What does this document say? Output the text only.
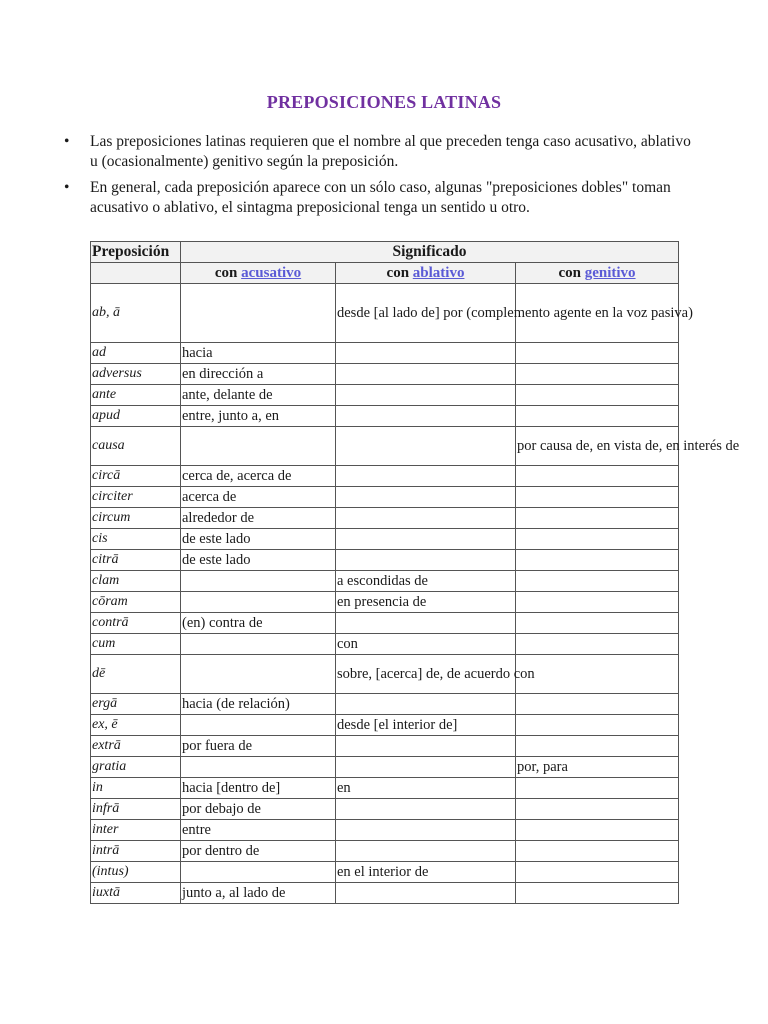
PREPOSICIONES LATINAS
• Las preposiciones latinas requieren que el nombre al que preceden tenga caso acusativo, ablativo u (ocasionalmente) genitivo según la preposición.
• En general, cada preposición aparece con un sólo caso, algunas "preposiciones dobles" toman acusativo o ablativo, el sintagma preposicional tenga un sentido u otro.
Preposición	Significado		
	con acusativo	con ablativo	con genitivo
ab, ā		desde [al lado de] por (complemento agente en la voz pasiva)	
ad	hacia		
adversus	en dirección a		
ante	ante, delante de		
apud	entre, junto a, en		
causa			por causa de, en vista de, en interés de
circā	cerca de, acerca de		
circiter	acerca de		
circum	alrededor de		
cis	de este lado		
citrā	de este lado		
clam		a escondidas de	
cōram		en presencia de	
contrā	(en) contra de		
cum		con	
dē		sobre, [acerca] de, de acuerdo con	
ergā	hacia (de relación)		
ex, ē		desde [el interior de]	
extrā	por fuera de		
gratia			por, para
in	hacia [dentro de]	en	
infrā	por debajo de		
inter	entre		
intrā	por dentro de		
(intus)		en el interior de	
iuxtā	junto a, al lado de		
